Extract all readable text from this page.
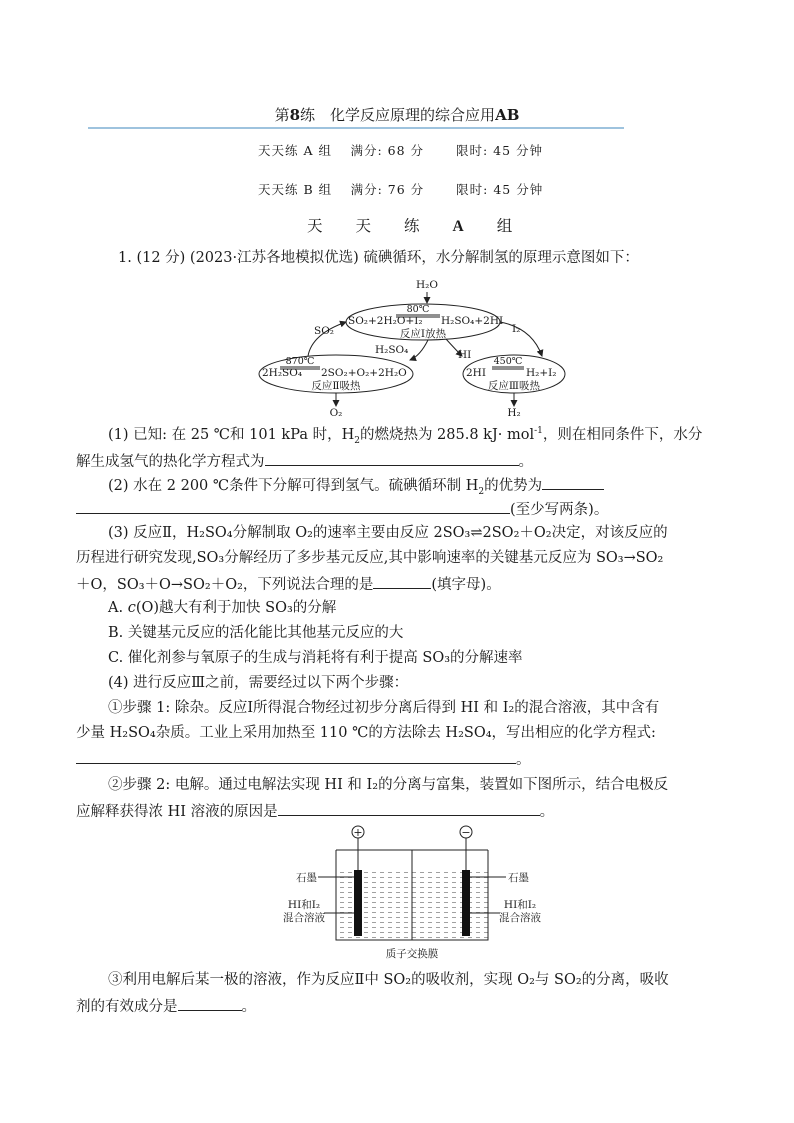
第8练　化学反应原理的综合应用AB
天天练 A 组　 满分: 68 分　　 限时: 45 分钟
天天练 B 组　 满分: 76 分　　 限时: 45 分钟
天 天 练 A 组
1. (12 分) (2023·江苏各地模拟优选) 硫碘循环，水分解制氢的原理示意图如下：
H₂O
SO₂+2H₂O+I₂
80℃
H₂SO₄+2HI
反应Ⅰ放热
SO₂	I₂
H₂SO₄	HI
870℃
2H₂SO₄ 2SO₂+O₂+2H₂O
反应Ⅱ吸热
450℃
2HI	H₂+I₂
反应Ⅲ吸热
O₂	H₂
(1) 已知: 在 25 ℃和 101 kPa 时，$H_2$的燃烧热为 285.8 kJ· mol$^{-1}$，则在相同条件下，水分
解生成氢气的热化学方程式为	。
(2) 水在 2 200 ℃条件下分解可得到氢气。硫碘循环制 $H_2$的优势为
(至少写两条)。
(3) 反应Ⅱ，H₂SO₄分解制取 O₂的速率主要由反应 2SO₃⇌2SO₂＋O₂决定，对该反应的
历程进行研究发现,SO₃分解经历了多步基元反应,其中影响速率的关键基元反应为 SO₃→SO₂
＋O，SO₃＋O→SO₂＋O₂，下列说法合理的是	(填字母)。
A. c(O)越大有利于加快 SO₃的分解
B. 关键基元反应的活化能比其他基元反应的大
C. 催化剂参与氧原子的生成与消耗将有利于提高 SO₃的分解速率
(4) 进行反应Ⅲ之前，需要经过以下两个步骤：
①步骤 1: 除杂。反应Ⅰ所得混合物经过初步分离后得到 HI 和 I₂的混合溶液，其中含有
少量 H₂SO₄杂质。工业上采用加热至 110 ℃的方法除去 H₂SO₄，写出相应的化学方程式:
。
②步骤 2: 电解。通过电解法实现 HI 和 I₂的分离与富集，装置如下图所示，结合电极反
应解释获得浓 HI 溶液的原因是	。
+	−
石墨	石墨
HI和I₂
混合溶液
HI和I₂
混合溶液
质子交换膜
③利用电解后某一极的溶液，作为反应Ⅱ中 SO₂的吸收剂，实现 O₂与 SO₂的分离，吸收
剂的有效成分是	。
